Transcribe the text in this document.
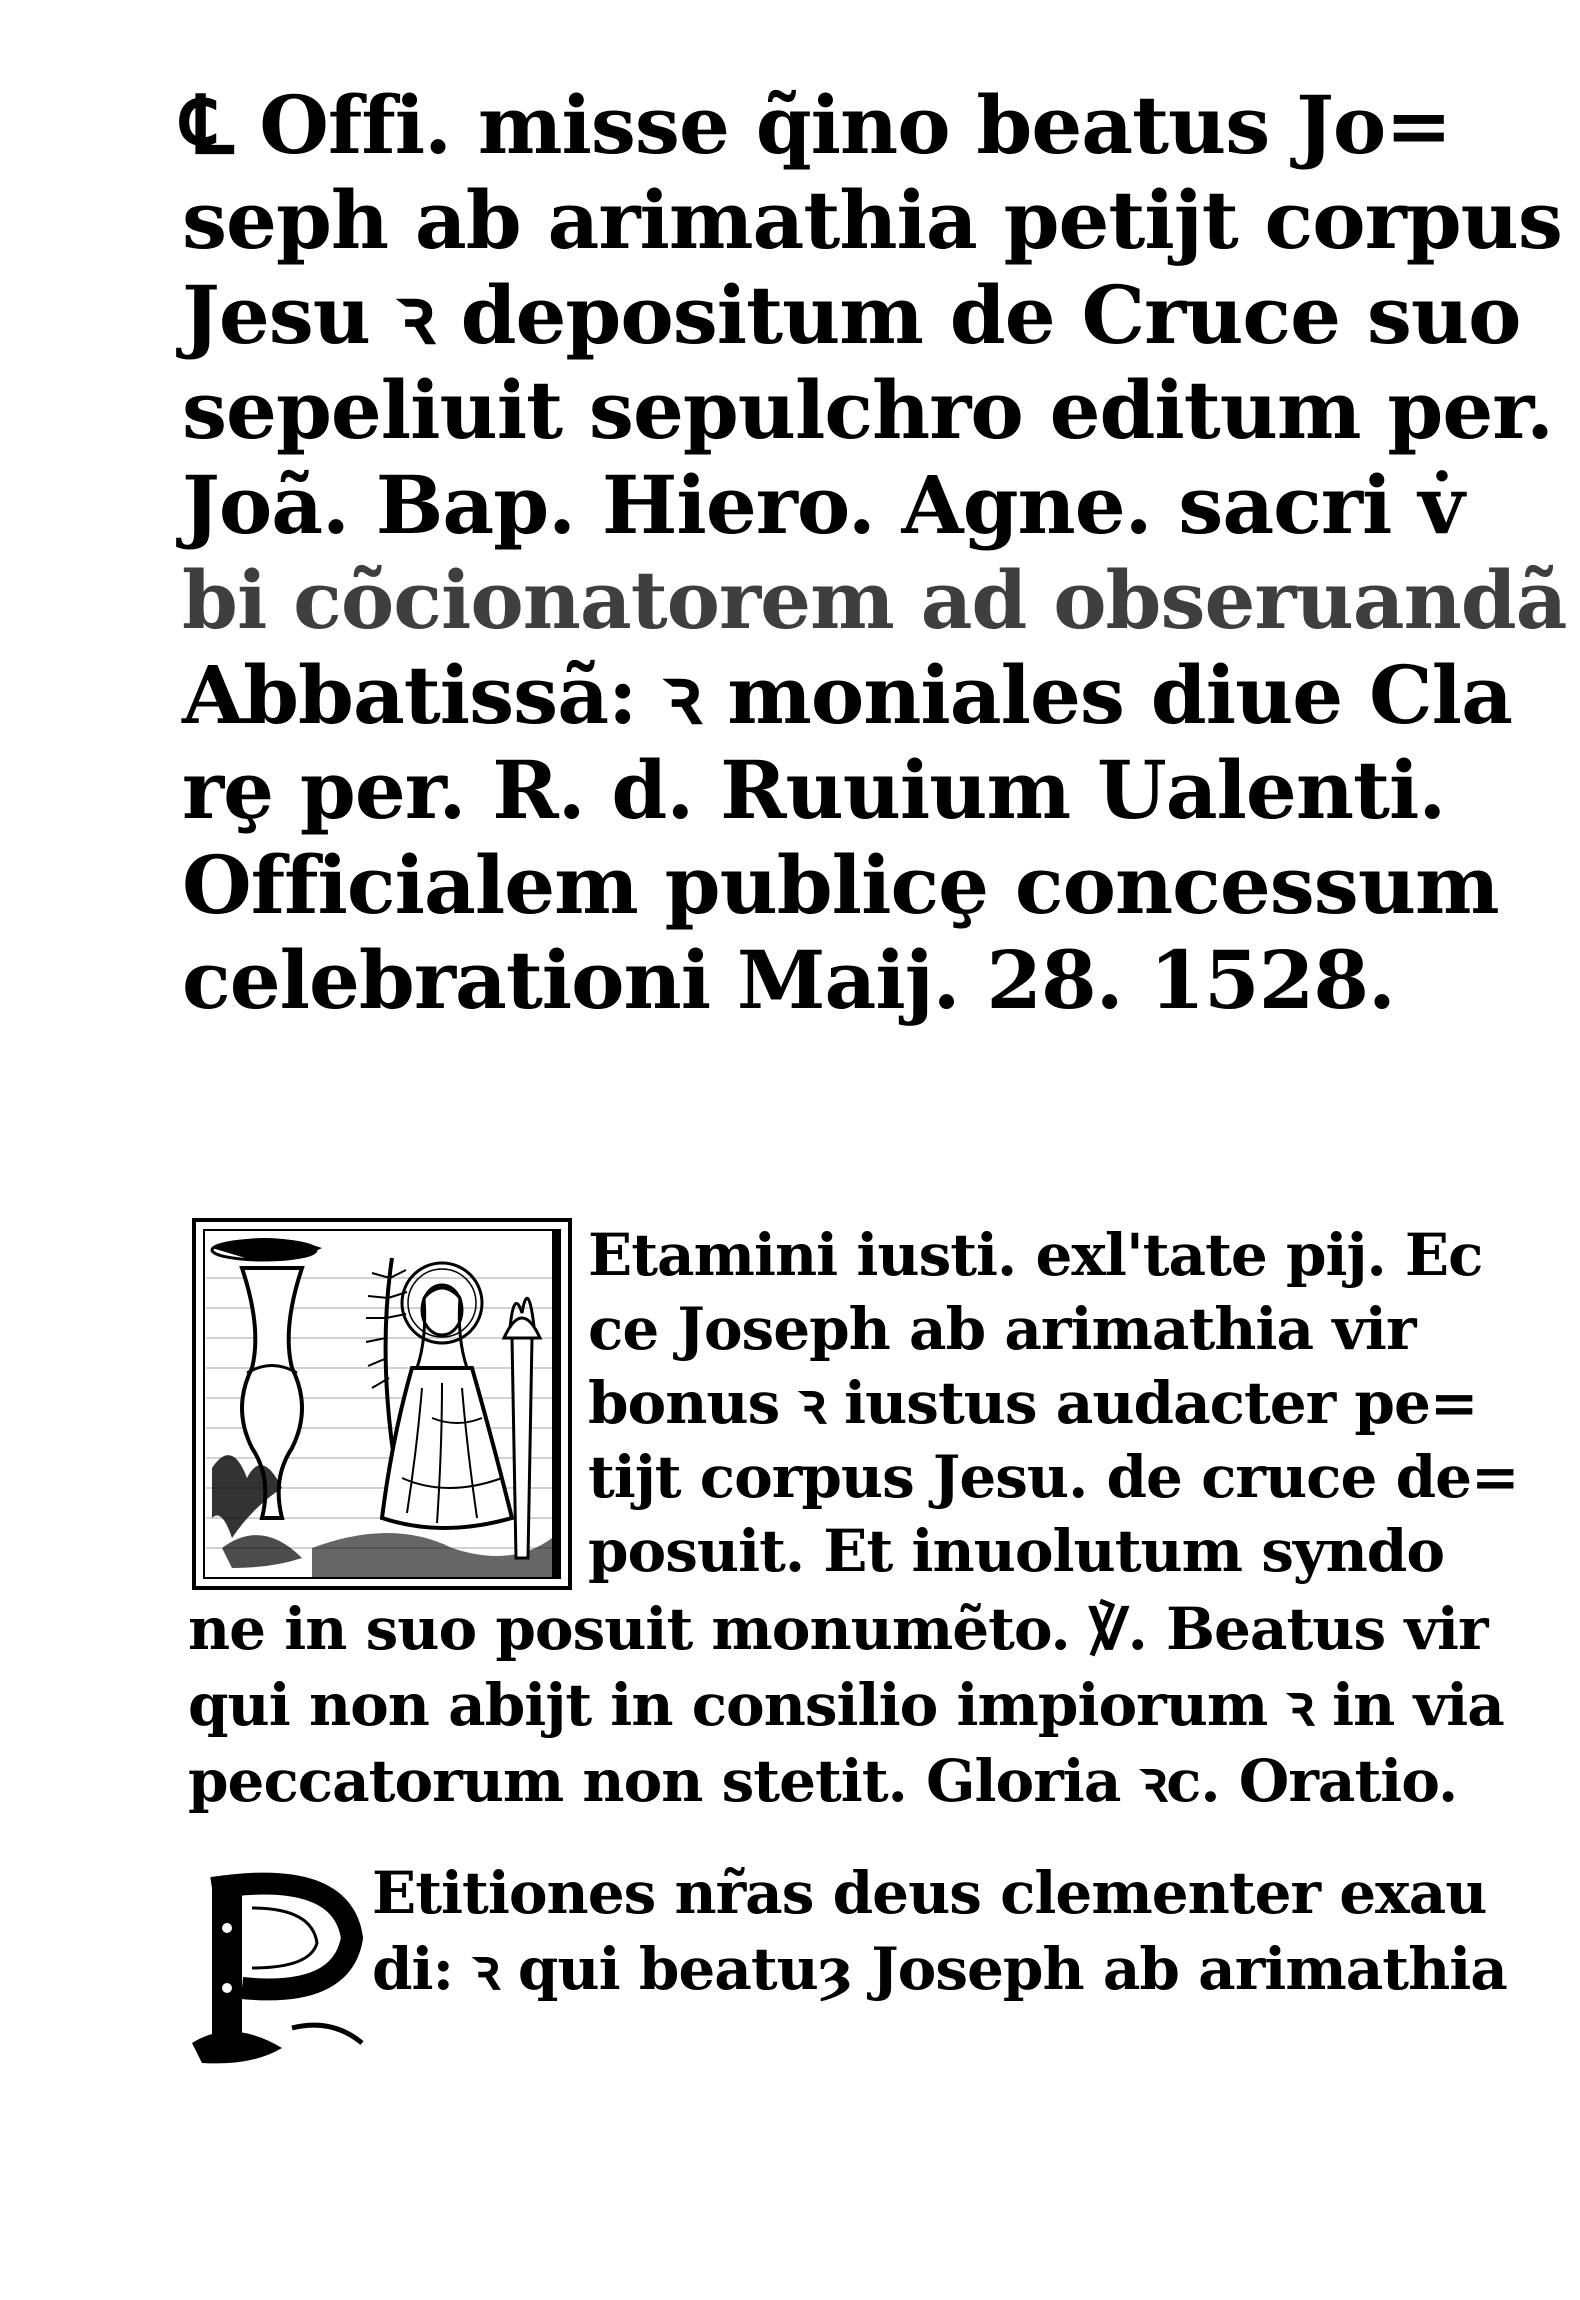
℄ Offi. misse q̃ino beatus Jo=
seph ab arimathia petijt corpus
Jesu ꝛ depositum de Cruce suo
sepeliuit sepulchro editum per.
Joã. Bap. Hiero. Agne. sacri v̇
bi cõcionatorem ad obseruandã
Abbatissã: ꝛ moniales diue Cla
rȩ per. R. d. Ruuium Ualenti.
Officialem publicȩ concessum
celebrationi Maij. 28. 1528.
Etamini iusti. exl'tate pij. Ec
ce Joseph ab arimathia vir
bonus ꝛ iustus audacter pe=
tijt corpus Jesu. de cruce de=
posuit. Et inuolutum syndo
ne in suo posuit monumẽto. ℣. Beatus vir
qui non abijt in consilio impiorum ꝛ in via
peccatorum non stetit. Gloria ꝛc. Oratio.
Etitiones nr̃as deus clementer exau
di: ꝛ qui beatuȝ Joseph ab arimathia
